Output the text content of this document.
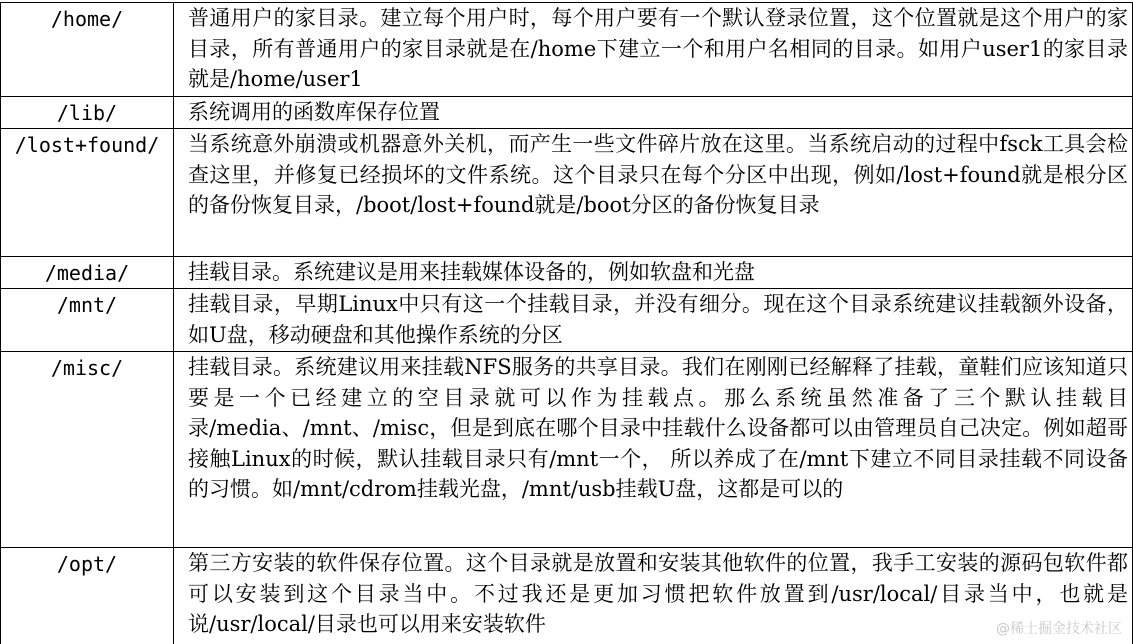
/home/	普通用户的家目录。建立每个用户时，每个用户要有一个默认登录位置，这个位置就是这个用户的家目录，所有普通用户的家目录就是在/home下建立一个和用户名相同的目录。如用户user1的家目录就是/home/user1
/lib/	系统调用的函数库保存位置
/lost+found/	当系统意外崩溃或机器意外关机，而产生一些文件碎片放在这里。当系统启动的过程中fsck工具会检查这里，并修复已经损坏的文件系统。这个目录只在每个分区中出现，例如/lost+found就是根分区的备份恢复目录，/boot/lost+found就是/boot分区的备份恢复目录
/media/	挂载目录。系统建议是用来挂载媒体设备的，例如软盘和光盘
/mnt/	挂载目录，早期Linux中只有这一个挂载目录，并没有细分。现在这个目录系统建议挂载额外设备，如U盘，移动硬盘和其他操作系统的分区
/misc/	挂载目录。系统建议用来挂载NFS服务的共享目录。我们在刚刚已经解释了挂载，童鞋们应该知道只要是一个已经建立的空目录就可以作为挂载点。那么系统虽然准备了三个默认挂载目录/media、/mnt、/misc，但是到底在哪个目录中挂载什么设备都可以由管理员自己决定。例如超哥接触Linux的时候，默认挂载目录只有/mnt一个， 所以养成了在/mnt下建立不同目录挂载不同设备的习惯。如/mnt/cdrom挂载光盘，/mnt/usb挂载U盘，这都是可以的
/opt/	第三方安装的软件保存位置。这个目录就是放置和安装其他软件的位置，我手工安装的源码包软件都可以安装到这个目录当中。不过我还是更加习惯把软件放置到/usr/local/目录当中，也就是说/usr/local/目录也可以用来安装软件	@稀土掘金技术社区
